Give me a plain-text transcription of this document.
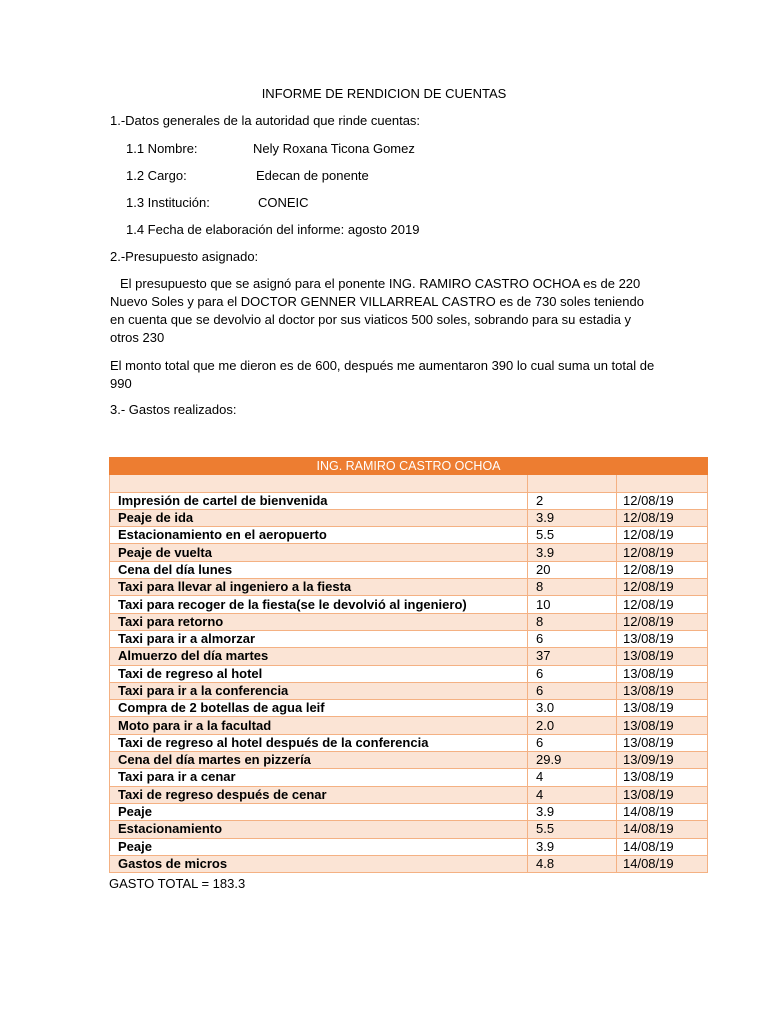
INFORME DE RENDICION DE CUENTAS
1.-Datos generales de la autoridad que rinde cuentas:
1.1 Nombre:	Nely Roxana Ticona Gomez
1.2 Cargo:	Edecan de ponente
1.3 Institución:	CONEIC
1.4 Fecha de elaboración del informe: agosto 2019
2.-Presupuesto asignado:
El presupuesto que se asignó para el ponente ING. RAMIRO CASTRO OCHOA es de 220 Nuevo Soles y para el DOCTOR GENNER VILLARREAL CASTRO es de 730 soles teniendo en cuenta que se devolvio al doctor por sus viaticos 500 soles, sobrando para su estadia y otros 230
El monto total que me dieron es de 600, después me aumentaron 390 lo cual suma un total de 990
3.- Gastos realizados:
ING. RAMIRO CASTRO OCHOA		

Impresión de cartel de bienvenida	2	12/08/19
Peaje de ida	3.9	12/08/19
Estacionamiento en el aeropuerto	5.5	12/08/19
Peaje de vuelta	3.9	12/08/19
Cena del día lunes	20	12/08/19
Taxi para llevar al ingeniero a la fiesta	8	12/08/19
Taxi para recoger de la fiesta(se le devolvió al ingeniero)	10	12/08/19
Taxi para retorno	8	12/08/19
Taxi para ir a almorzar	6	13/08/19
Almuerzo del día martes	37	13/08/19
Taxi de regreso al hotel	6	13/08/19
Taxi para ir a la conferencia	6	13/08/19
Compra de 2 botellas de agua leif	3.0	13/08/19
Moto para ir a la facultad	2.0	13/08/19
Taxi de regreso al hotel después de la conferencia	6	13/08/19
Cena del día martes en pizzería	29.9	13/09/19
Taxi para ir a cenar	4	13/08/19
Taxi de regreso después de cenar	4	13/08/19
Peaje	3.9	14/08/19
Estacionamiento	5.5	14/08/19
Peaje	3.9	14/08/19
Gastos de micros	4.8	14/08/19
GASTO TOTAL = 183.3
